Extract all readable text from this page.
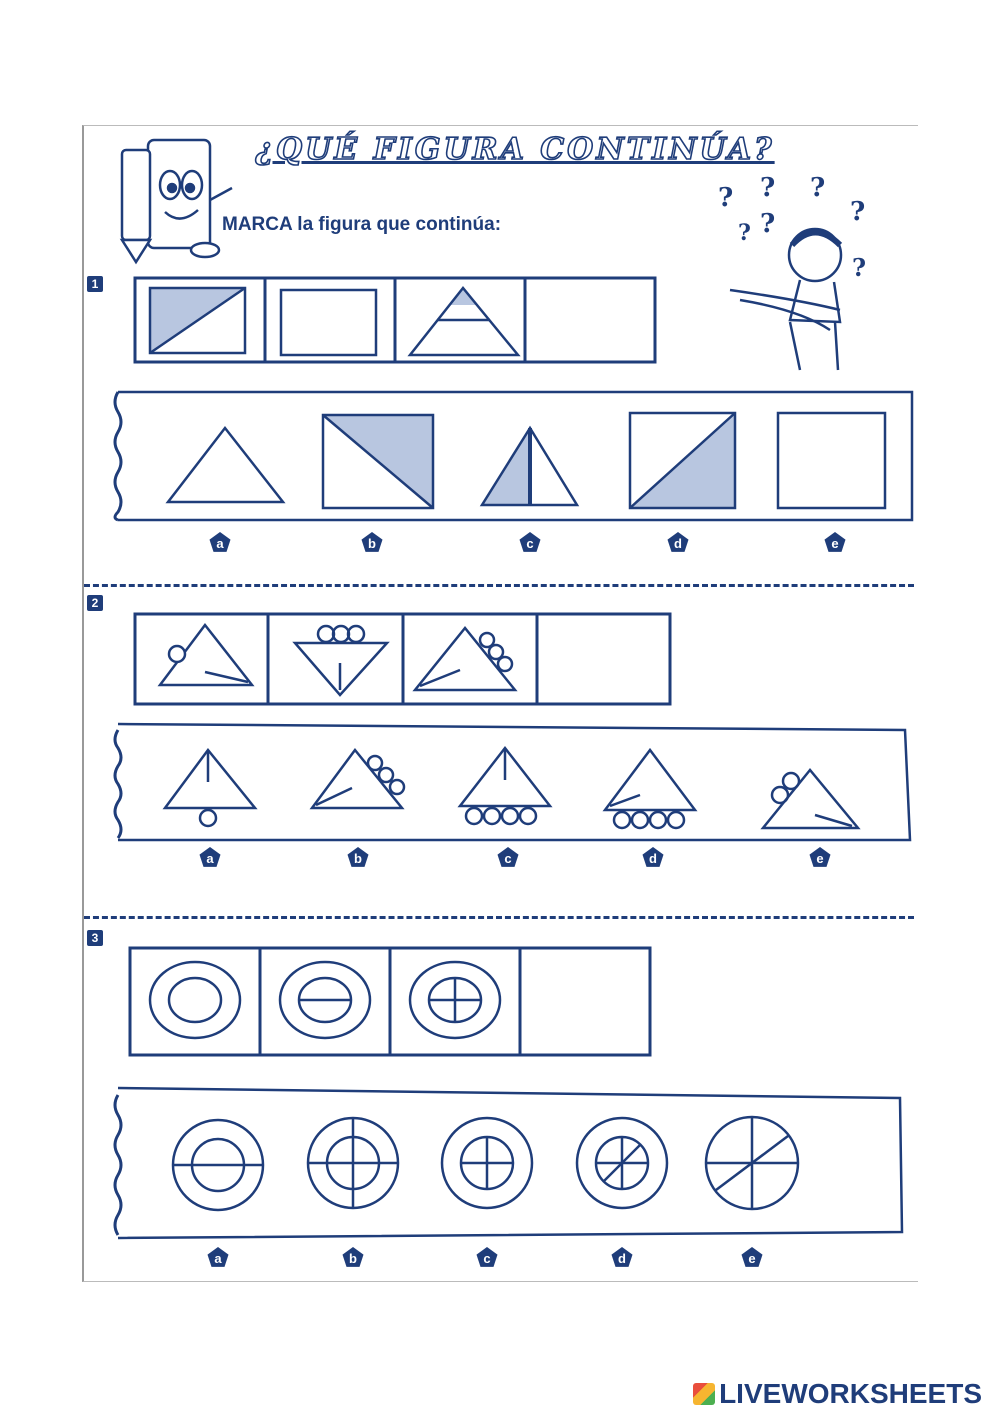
¿QUÉ FIGURA CONTINÚA?
MARCA la figura que continúa:
1
2
3
? ? ?
?
? ?
?
a	b	c	d	e
a	b	c	d	e
a	b	c	d	e
LIVEWORKSHEETS
